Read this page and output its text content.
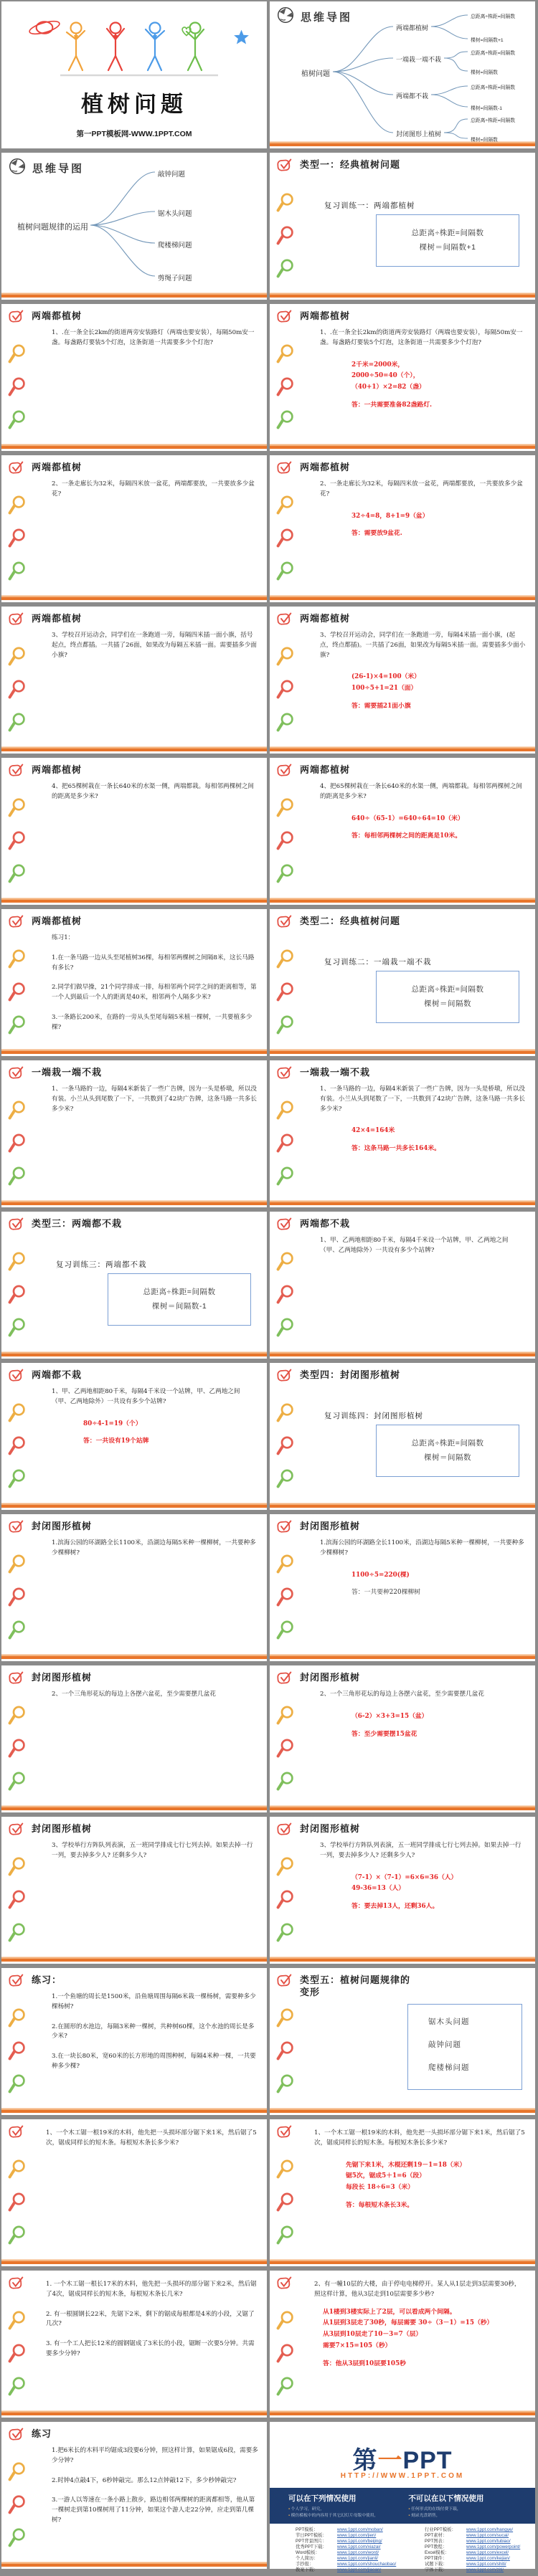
植树问题
第一PPT模板网-WWW.1PPT.COM
思维导图
植树问题
两端都植树
总距离÷株距=间隔数
棵树=间隔数+1
一端栽一端不栽
总距离÷株距=间隔数
棵树=间隔数
两端都不栽
总距离÷株距=间隔数
棵树=间隔数-1
封闭图形上植树
总距离÷株距=间隔数
棵树=间隔数
思维导图
植树问题规律的运用
敲钟问题
锯木头问题
爬楼梯问题
剪绳子问题
类型一：经典植树问题
复习训练一：两端都植树
总距离÷株距=间隔数
棵树＝间隔数+1
两端都植树

1、.在一条全长2km的街道两旁安装路灯（两端也要安装），每隔50m安一盏。每盏路灯要装5个灯泡，这条街道一共需要多少个灯泡?

两端都植树

1、.在一条全长2km的街道两旁安装路灯（两端也要安装），每隔50m安一盏。每盏路灯要装5个灯泡，这条街道一共需要多少个灯泡?

2千米=2000米，
2000÷50=40（个），
（40+1）×2=82（盏）
答：一共需要准备82盏路灯.
两端都植树

2、一条走廊长为32米，每隔四米放一盆花，两端都要放，一共要放多少盆花?

两端都植树

2、一条走廊长为32米，每隔四米放一盆花，两端都要放，一共要放多少盆花?

32÷4=8，8+1=9（盆）
答：需要放9盆花.
两端都植树

3、学校召开运动会，同学们在一条跑道一旁，每隔四米插一面小旗，括号起点，终点都插。一共插了26面，如果改为每隔五米插一面。需要插多少面小旗?

两端都植树

3、学校召开运动会，同学们在一条跑道一旁，每隔4米插一面小旗，(起点，终点都插)。一共插了26面，如果改为每隔5米插一面。需要插多少面小旗?

(26-1)×4=100（米）
100÷5+1=21（面）
答：需要插21面小旗
两端都植树

4、把65棵树栽在一条长640米的水渠一侧，两端都栽。每相邻两棵树之间的距离是多少米?

两端都植树

4、把65棵树栽在一条长640米的水渠一侧，两端都栽。每相邻两棵树之间的距离是多少米?

640÷（65-1）=640÷64=10（米）
答：每相邻两棵树之间的距离是10米。
两端都植树

练习1：

1.在一条马路一边从头至尾植树36棵，每相邻两棵树之间隔8米，这长马路有多长?

2.同学们做早操，21个同学排成一排，每相邻两个同学之间的距离相等，第一个人到最后一个人的距离是40米，相邻两个人隔多少米?

3.一条路长200米，在路的一旁从头至尾每隔5米植一棵树，一共要植多少棵?

类型二：经典植树问题
复习训练二：一端栽一端不栽
总距离÷株距=间隔数
棵树＝间隔数
一端栽一端不栽

1、一条马路的一边，每隔4米新装了一些广告牌，因为一头是桥墩，所以没有装。小兰从头到尾数了一下，一共数到了42块广告牌，这条马路一共多长多少米?

一端栽一端不栽

1、一条马路的一边，每隔4米新装了一些广告牌，因为一头是桥墩，所以没有装。小兰从头到尾数了一下，一共数到了42块广告牌，这条马路一共多长多少米?

42×4=164米
答：这条马路一共多长164米。
类型三：两端都不栽
复习训练三：两端都不栽
总距离÷株距=间隔数
棵树＝间隔数-1
两端都不栽

1、甲、乙两地相距80千米，每隔4千米设一个站牌，甲、乙两地之间（甲、乙两地除外）一共设有多少个站牌?

两端都不栽

1、甲、乙两地相距80千米，每隔4千米设一个站牌，甲、乙两地之间（甲、乙两地除外）一共设有多少个站牌?

80÷4-1=19（个）
答：一共设有19个站牌
类型四：封闭图形植树
复习训练四：封闭图形植树
总距离÷株距=间隔数
棵树＝间隔数
封闭图形植树

1.滨海公园的环湖路全长1100米，沿湖边每隔5米种一棵柳树，一共要种多少棵柳树?

封闭图形植树

1.滨海公园的环湖路全长1100米，沿湖边每隔5米种一棵柳树，一共要种多少棵柳树?

1100÷5=220(棵)
答：一共要种220棵柳树
封闭图形植树

2、一个三角形花坛的每边上各摆六盆花，至少需要摆几盆花

封闭图形植树

2、一个三角形花坛的每边上各摆六盆花，至少需要摆几盆花

（6-2）×3+3=15（盆）
答：至少需要摆15盆花
封闭图形植树

3、学校举行方阵队列表演，五一班同学排成七行七列去掉。如果去掉一行一列，要去掉多少人? 还剩多少人?

封闭图形植树

3、学校举行方阵队列表演，五一班同学排成七行七列去掉。如果去掉一行一列，要去掉多少人? 还剩多少人?

（7-1）×（7-1）=6×6=36（人）
49-36=13（人）
答：要去掉13人，还剩36人。
练习：

1.一个鱼塘的周长是1500米，沿鱼塘周围每隔6米栽一棵杨树，需要种多少棵杨树?

2.在圆形的水池边，每隔3米种一棵树，共种树60棵，这个水池的周长是多少米?

3.在一块长80米，宽60米的长方形地的周围种树，每隔4米种一棵，一共要种多少棵?

类型五：植树问题规律的变形
锯木头问题
敲钟问题
爬楼梯问题

1、一个木工锯一根19米的木料，他先把一头损坏部分锯下来1米，然后锯了5次，锯成同样长的短木条。每根短木条长多少米?

1、一个木工锯一根19米的木料，他先把一头损坏部分锯下来1米，然后锯了5次，锯成同样长的短木条。每根短木条长多少米?

先锯下来1米，木棍还剩19－1=18（米）
锯5次，锯成5＋1=6（段）
每段长 18÷6=3（米）
答：每根短木条长3米。

1. 一个木工锯一根长17米的木料，他先把一头损坏的部分锯下来2米，然后锯了4次，锯成同样长的短木条，每根短木条长几米?

2. 有一根圆钢长22米，先锯下2米，剩下的锯成每根都是4米的小段，又锯了几次?

3. 有一个工人把长12米的圆钢锯成了3米长的小段，锯断一次要5分钟。共需要多少分钟?

2、有一幢10层的大楼，由于停电电梯停开。某人从1层走到3层需要30秒，照这样计算，他从3层走到10层需要多少秒?

从1楼到3楼实际上了2层，可以看成两个间隔。
从1层到3层走了30秒，每层需要 30÷（3－1）=15（秒）
从3层到10层走了10－3=7（层）
需要7×15=105（秒）
答：他从3层到10层要105秒
练习

1.把6米长的木料平均锯成3段要6分钟，照这样计算，如果锯成6段，需要多少分钟?

2.时钟4点敲4下，6秒钟敲完。那么12点钟敲12下，多少秒钟敲完?

3.一游人以等速在一条小路上散步，路边相邻两棵树的距离都相等，他从第一棵树走到第10棵树用了11分钟，如果这个游人走22分钟，应走到第几棵树?

第一PPT
HTTP://WWW.1PPT.COM
可以在下列情况使用
▪ 个人学习，研究，
▪ 模仿模板中的内容用于其它幻灯片母版中使用，
不可以在以下情况使用
▪ 任何形式的在线付费下载，
▪ 刻录光盘销售，
PPT模板：	www.1ppt.com/moban/
节日PPT模板：	www.1ppt.com/jieri/
PPT背景图片：	www.1ppt.com/beijing/
优秀PPT下载：	www.1ppt.com/xiazai/
Word模板：	www.1ppt.com/word/
个人简历：	www.1ppt.com/jianli/
手抄报：	www.1ppt.com/shouchaobao/
教案下载：	www.1ppt.com/jiaoan/
行业PPT模板：	www.1ppt.com/hangye/
PPT素材：	www.1ppt.com/sucai/
PPT图表：	www.1ppt.com/tubiao/
PPT教程：	www.1ppt.com/powerpoint/
Excel模板：	www.1ppt.com/excel/
PPT课件：	www.1ppt.com/kejian/
试题下载：	www.1ppt.com/shiti/
字体下载：	www.1ppt.com/ziti/
